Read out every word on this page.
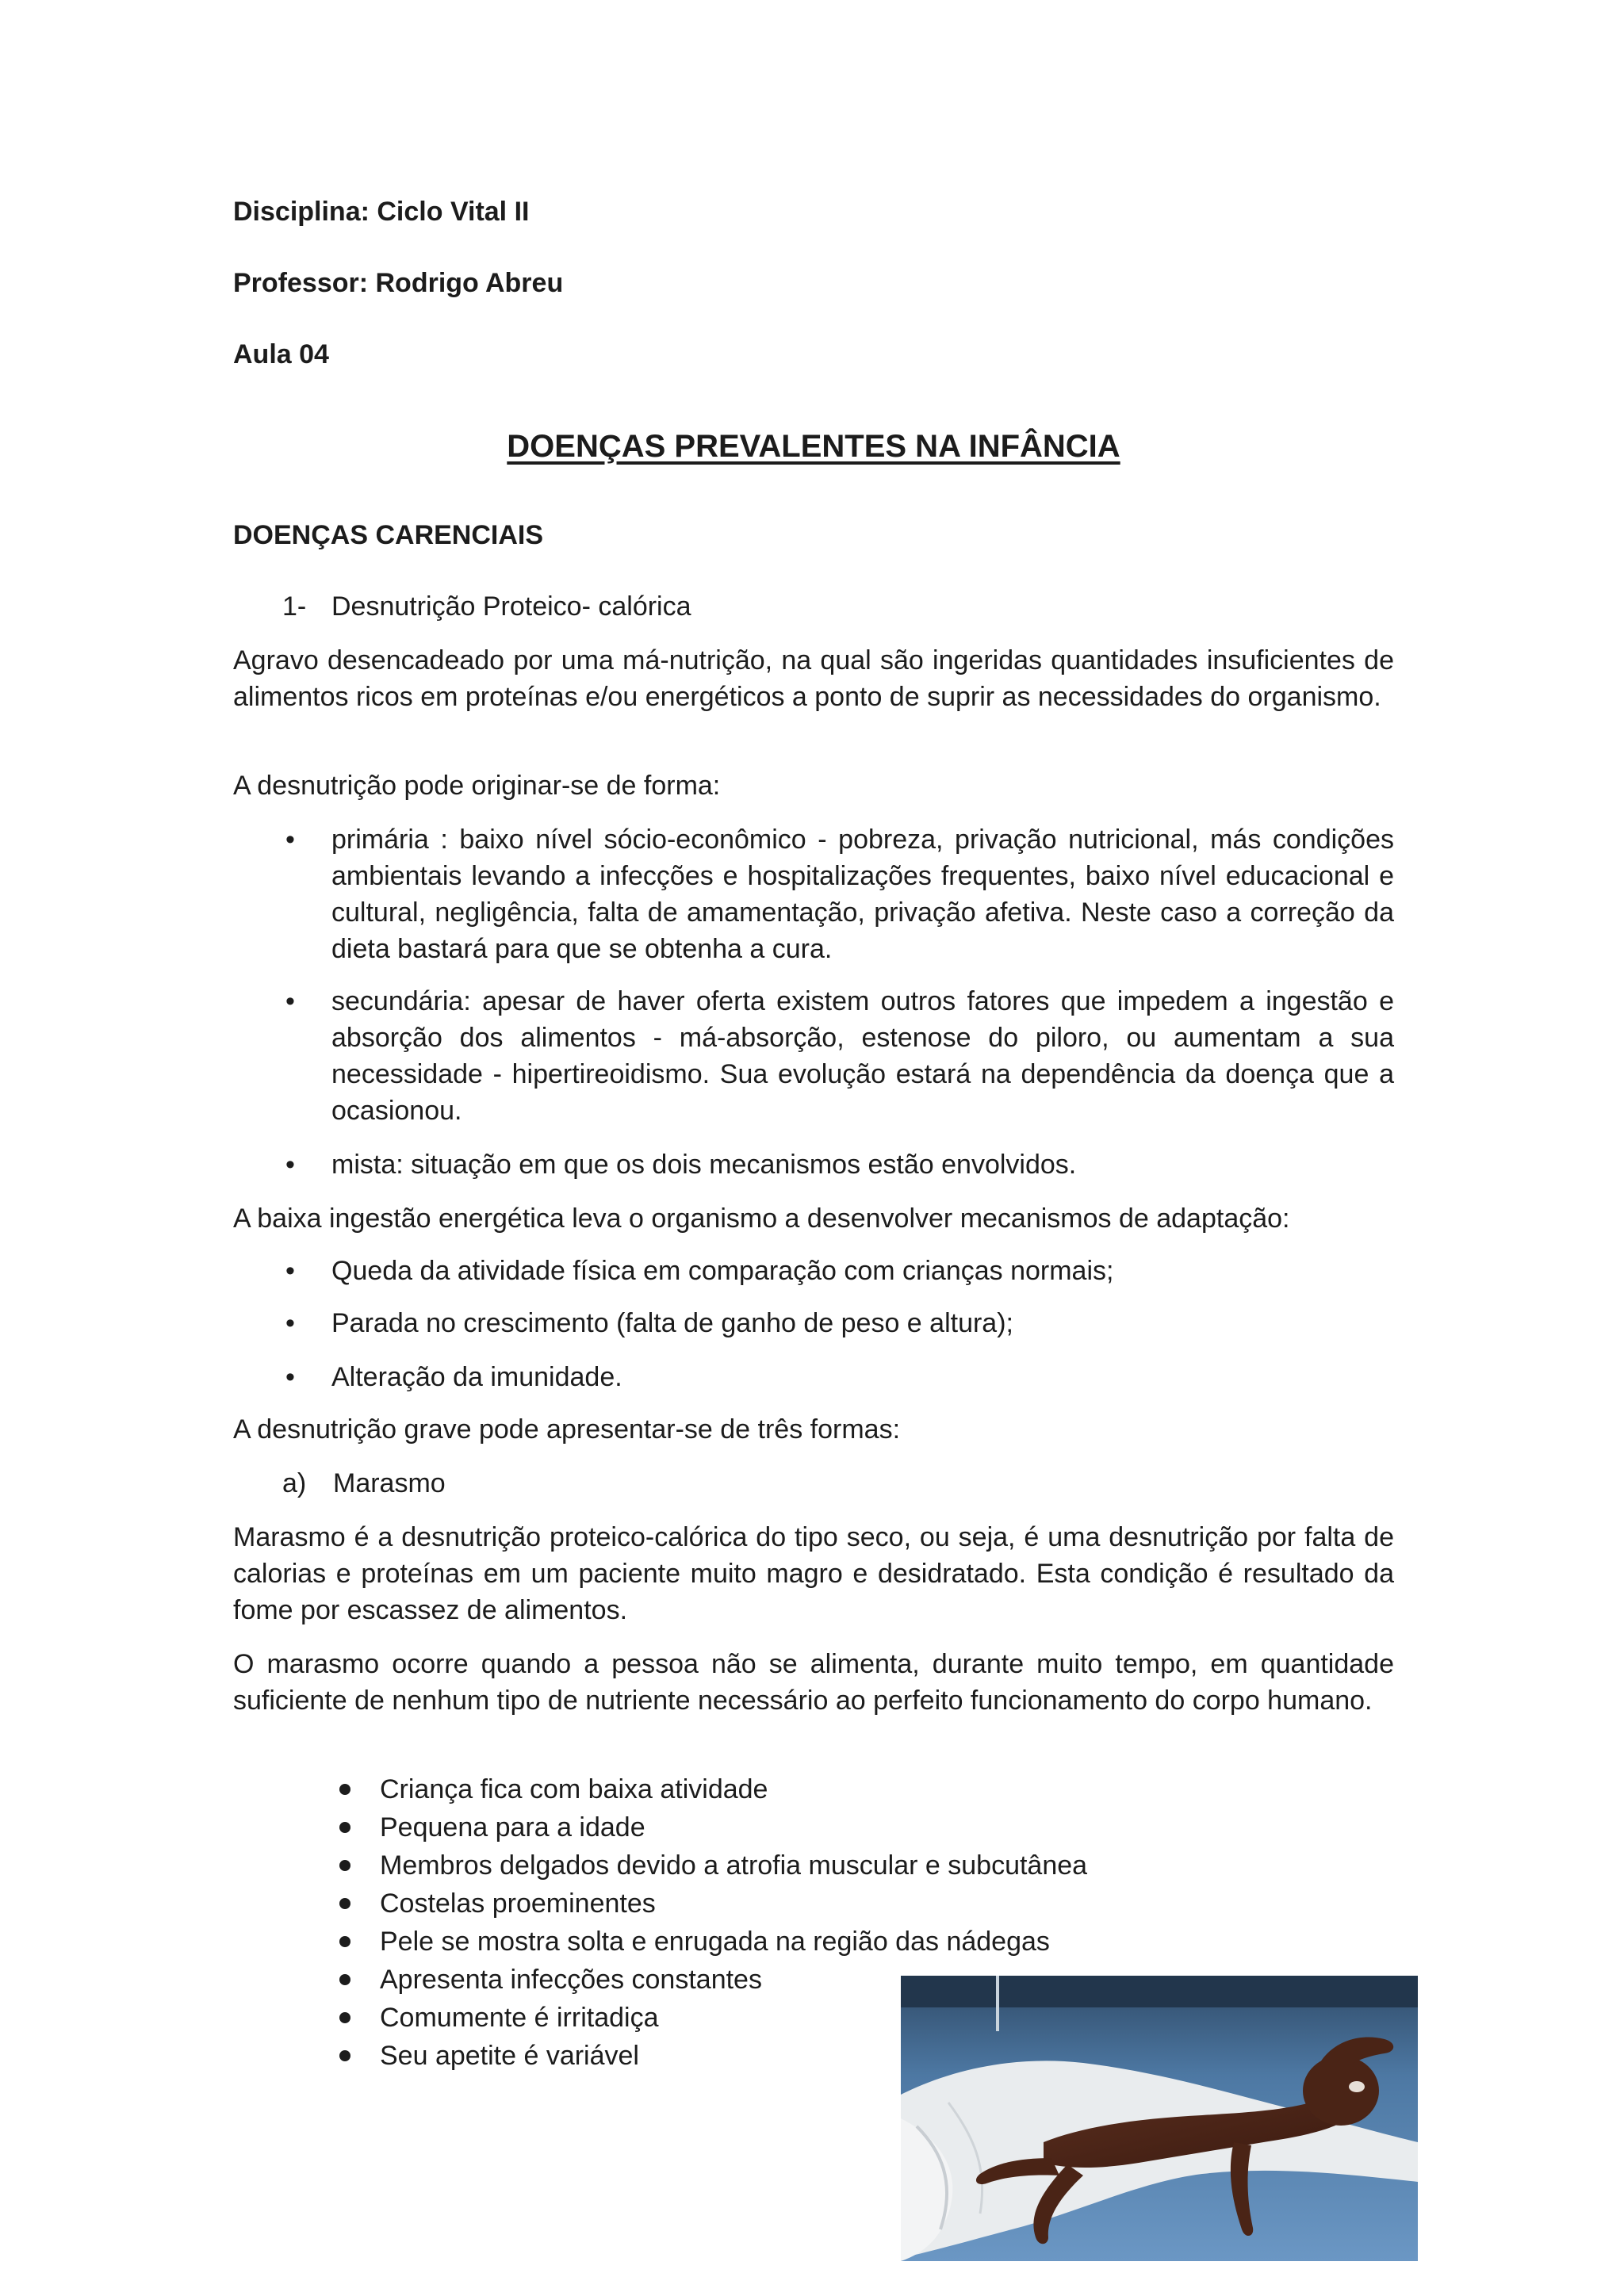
Disciplina: Ciclo Vital II
Professor: Rodrigo Abreu
Aula 04
DOENÇAS PREVALENTES NA INFÂNCIA
DOENÇAS CARENCIAIS
1- Desnutrição Proteico- calórica
Agravo desencadeado por uma má-nutrição, na qual são ingeridas quantidades insuficientes de alimentos ricos em proteínas e/ou energéticos a ponto de suprir as necessidades do organismo.
A desnutrição pode originar-se de forma:
• primária : baixo nível sócio-econômico - pobreza, privação nutricional, más condições ambientais levando a infecções e hospitalizações frequentes, baixo nível educacional e cultural, negligência, falta de amamentação, privação afetiva. Neste caso a correção da dieta bastará para que se obtenha a cura.
• secundária: apesar de haver oferta existem outros fatores que impedem a ingestão e absorção dos alimentos - má-absorção, estenose do piloro, ou aumentam a sua necessidade - hipertireoidismo. Sua evolução estará na dependência da doença que a ocasionou.
• mista: situação em que os dois mecanismos estão envolvidos.
A baixa ingestão energética leva o organismo a desenvolver mecanismos de adaptação:
• Queda da atividade física em comparação com crianças normais;
• Parada no crescimento (falta de ganho de peso e altura);
• Alteração da imunidade.
A desnutrição grave pode apresentar-se de três formas:
a) Marasmo
Marasmo é a desnutrição proteico-calórica do tipo seco, ou seja, é uma desnutrição por falta de calorias e proteínas em um paciente muito magro e desidratado. Esta condição é resultado da fome por escassez de alimentos.
O marasmo ocorre quando a pessoa não se alimenta, durante muito tempo, em quantidade suficiente de nenhum tipo de nutriente necessário ao perfeito funcionamento do corpo humano.
Criança fica com baixa atividade
Pequena para a idade
Membros delgados devido a atrofia muscular e subcutânea
Costelas proeminentes
Pele se mostra solta e enrugada na região das nádegas
Apresenta infecções constantes
Comumente é irritadiça
Seu apetite é variável
